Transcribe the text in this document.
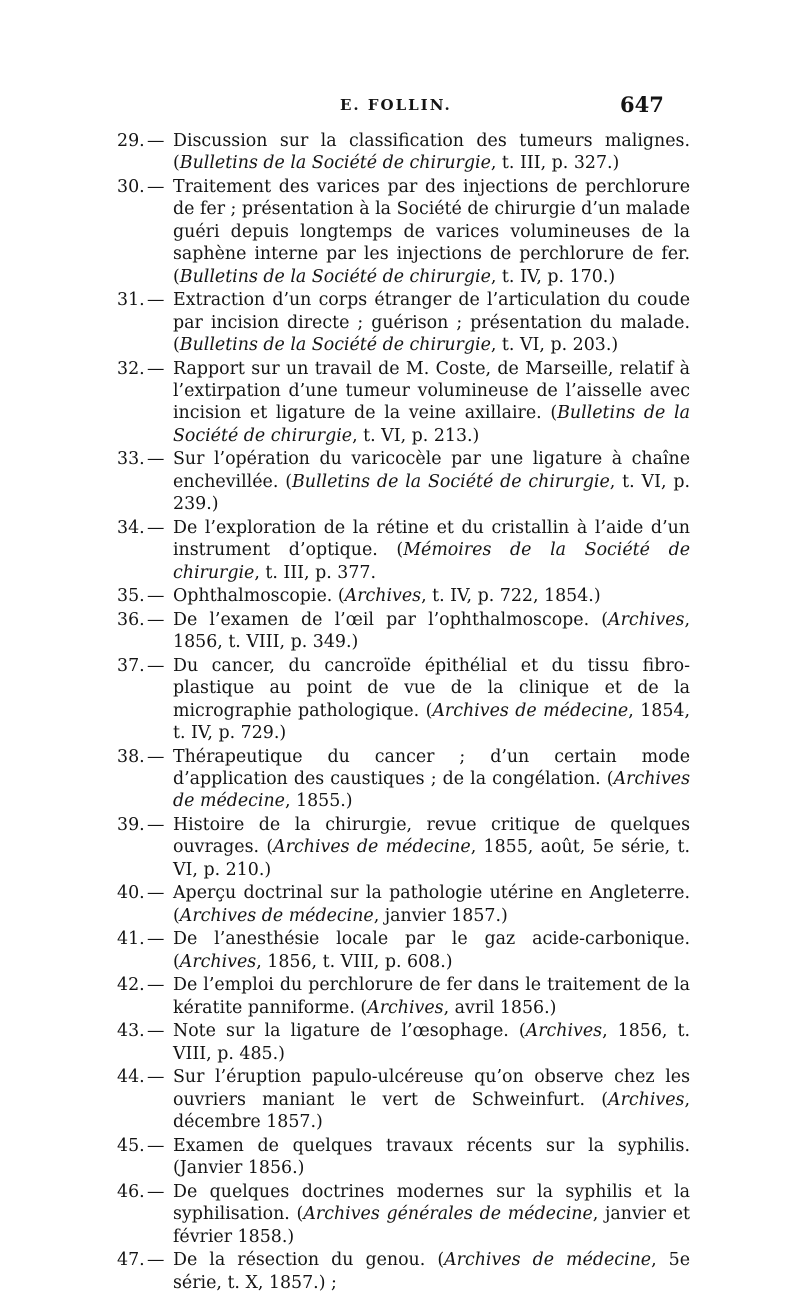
E. FOLLIN.	647
29. — Discussion sur la classification des tumeurs malignes. (Bulletins de la Société de chirurgie, t. III, p. 327.)
30. — Traitement des varices par des injections de perchlorure de fer ; présentation à la Société de chirurgie d’un malade guéri depuis longtemps de varices volumineuses de la saphène interne par les injections de perchlorure de fer. (Bulletins de la Société de chirurgie, t. IV, p. 170.)
31. — Extraction d’un corps étranger de l’articulation du coude par incision directe ; guérison ; présentation du malade. (Bulletins de la Société de chirurgie, t. VI, p. 203.)
32. — Rapport sur un travail de M. Coste, de Marseille, relatif à l’extirpation d’une tumeur volumineuse de l’aisselle avec incision et ligature de la veine axillaire. (Bulletins de la Société de chirurgie, t. VI, p. 213.)
33. — Sur l’opération du varicocèle par une ligature à chaîne enchevillée. (Bulletins de la Société de chirurgie, t. VI, p. 239.)
34. — De l’exploration de la rétine et du cristallin à l’aide d’un instrument d’optique. (Mémoires de la Société de chirurgie, t. III, p. 377.
35. — Ophthalmoscopie. (Archives, t. IV, p. 722, 1854.)
36. — De l’examen de l’œil par l’ophthalmoscope. (Archives, 1856, t. VIII, p. 349.)
37. — Du cancer, du cancroïde épithélial et du tissu fibro-plastique au point de vue de la clinique et de la micrographie pathologique. (Archives de médecine, 1854, t. IV, p. 729.)
38. — Thérapeutique du cancer ; d’un certain mode d’application des caustiques ; de la congélation. (Archives de médecine, 1855.)
39. — Histoire de la chirurgie, revue critique de quelques ouvrages. (Archives de médecine, 1855, août, 5e série, t. VI, p. 210.)
40. — Aperçu doctrinal sur la pathologie utérine en Angleterre. (Archives de médecine, janvier 1857.)
41. — De l’anesthésie locale par le gaz acide-carbonique. (Archives, 1856, t. VIII, p. 608.)
42. — De l’emploi du perchlorure de fer dans le traitement de la kératite panniforme. (Archives, avril 1856.)
43. — Note sur la ligature de l’œsophage. (Archives, 1856, t. VIII, p. 485.)
44. — Sur l’éruption papulo-ulcéreuse qu’on observe chez les ouvriers maniant le vert de Schweinfurt. (Archives, décembre 1857.)
45. — Examen de quelques travaux récents sur la syphilis. (Janvier 1856.)
46. — De quelques doctrines modernes sur la syphilis et la syphilisation. (Archives générales de médecine, janvier et février 1858.)
47. — De la résection du genou. (Archives de médecine, 5e série, t. X, 1857.) ;
